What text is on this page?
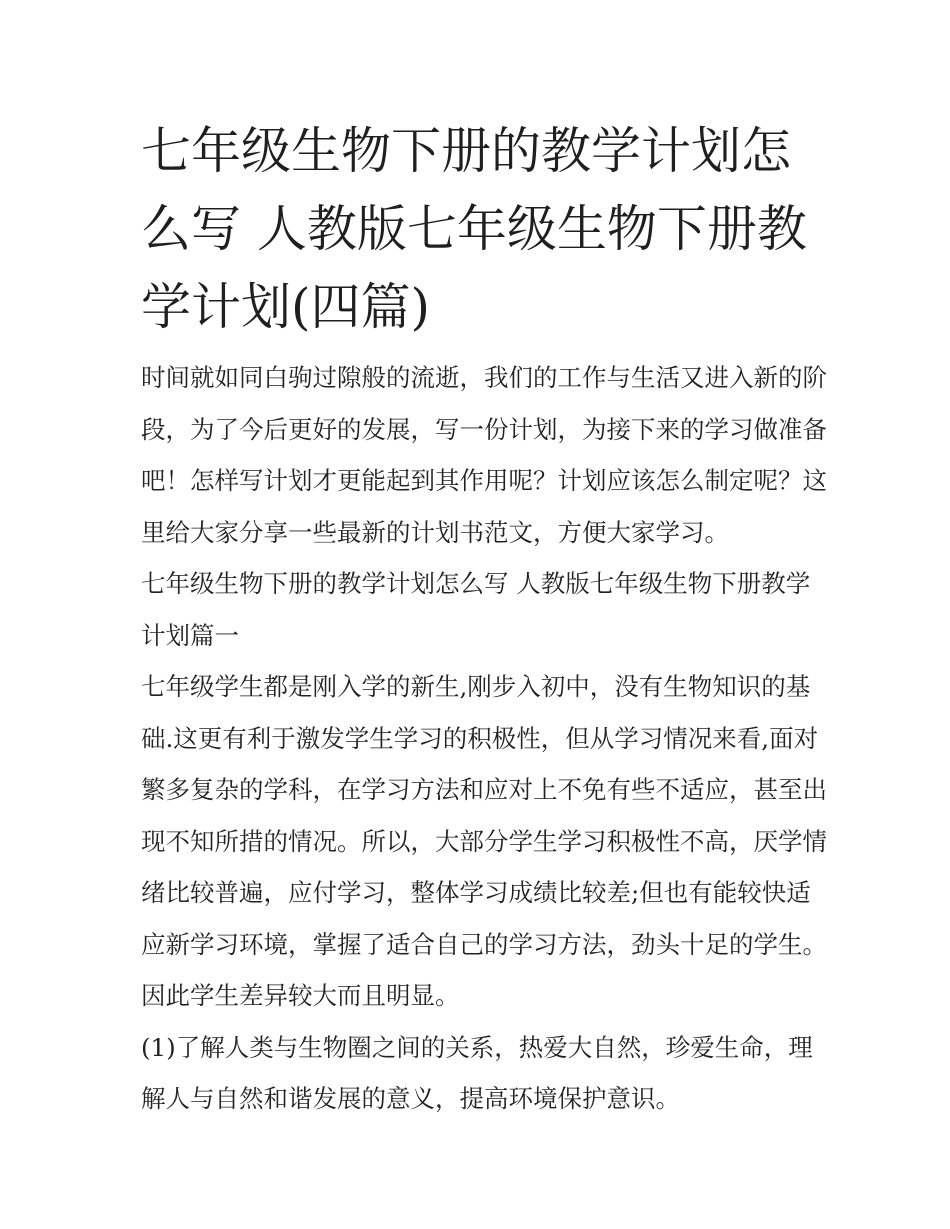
七年级生物下册的教学计划怎么写 人教版七年级生物下册教学计划(四篇)

时间就如同白驹过隙般的流逝，我们的工作与生活又进入新的阶段，为了今后更好的发展，写一份计划，为接下来的学习做准备吧！怎样写计划才更能起到其作用呢？计划应该怎么制定呢？这里给大家分享一些最新的计划书范文，方便大家学习。

七年级生物下册的教学计划怎么写 人教版七年级生物下册教学计划篇一

七年级学生都是刚入学的新生,刚步入初中，没有生物知识的基础.这更有利于激发学生学习的积极性，但从学习情况来看,面对繁多复杂的学科，在学习方法和应对上不免有些不适应，甚至出现不知所措的情况。所以，大部分学生学习积极性不高，厌学情绪比较普遍，应付学习，整体学习成绩比较差;但也有能较快适应新学习环境，掌握了适合自己的学习方法，劲头十足的学生。因此学生差异较大而且明显。

(1)了解人类与生物圈之间的关系，热爱大自然，珍爱生命，理解人与自然和谐发展的意义，提高环境保护意识。
